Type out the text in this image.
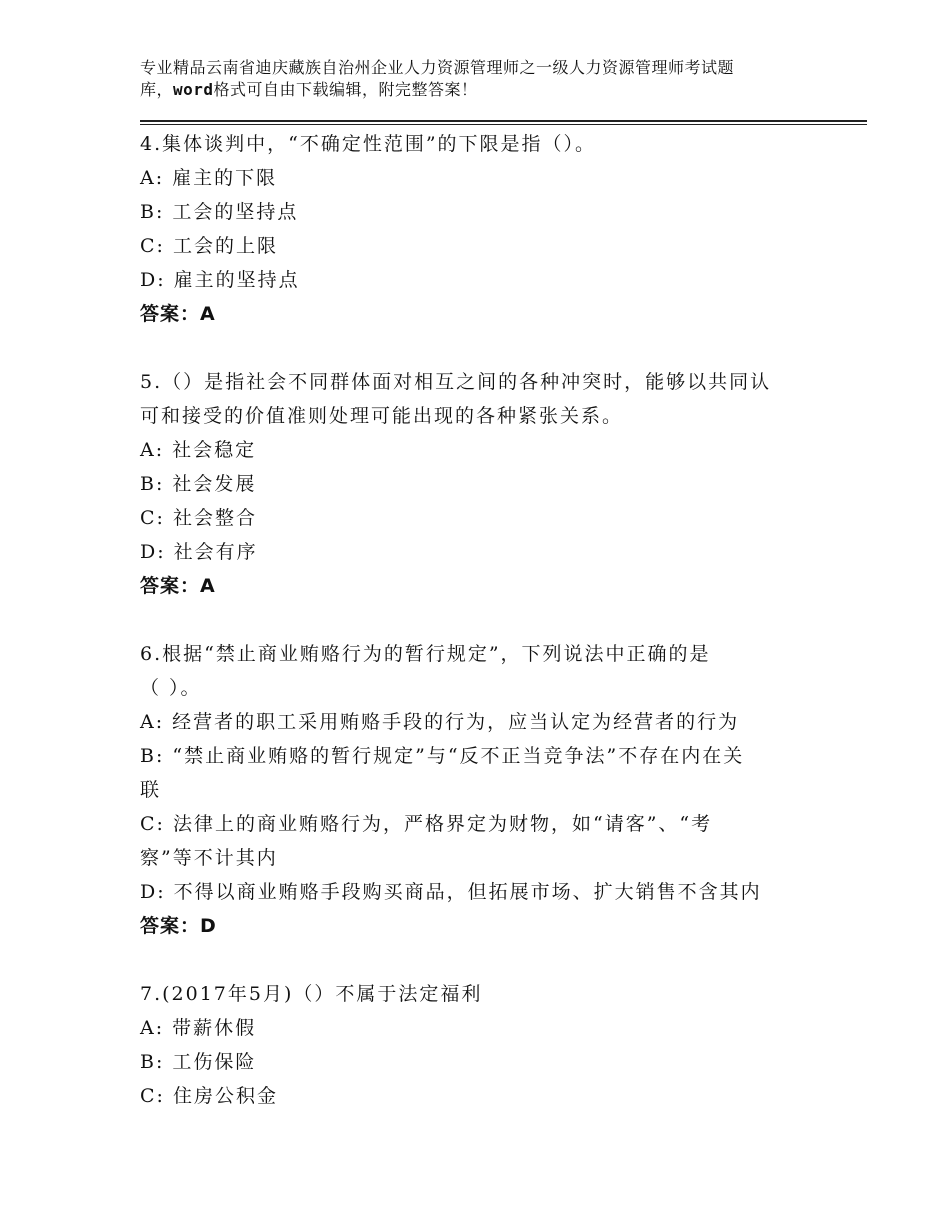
专业精品云南省迪庆藏族自治州企业人力资源管理师之一级人力资源管理师考试题
库，word格式可自由下载编辑，附完整答案！
4.集体谈判中，“不确定性范围”的下限是指（）。
A: 雇主的下限
B: 工会的坚持点
C: 工会的上限
D: 雇主的坚持点
答案：A
5.（）是指社会不同群体面对相互之间的各种冲突时，能够以共同认
可和接受的价值准则处理可能出现的各种紧张关系。
A: 社会稳定
B: 社会发展
C: 社会整合
D: 社会有序
答案：A
6.根据“禁止商业贿赂行为的暂行规定”，下列说法中正确的是
（ ）。
A: 经营者的职工采用贿赂手段的行为，应当认定为经营者的行为
B: “禁止商业贿赂的暂行规定”与“反不正当竞争法”不存在内在关
联
C: 法律上的商业贿赂行为，严格界定为财物，如“请客”、“考
察”等不计其内
D: 不得以商业贿赂手段购买商品，但拓展市场、扩大销售不含其内
答案：D
7.(2017年5月)（）不属于法定福利
A: 带薪休假
B: 工伤保险
C: 住房公积金
